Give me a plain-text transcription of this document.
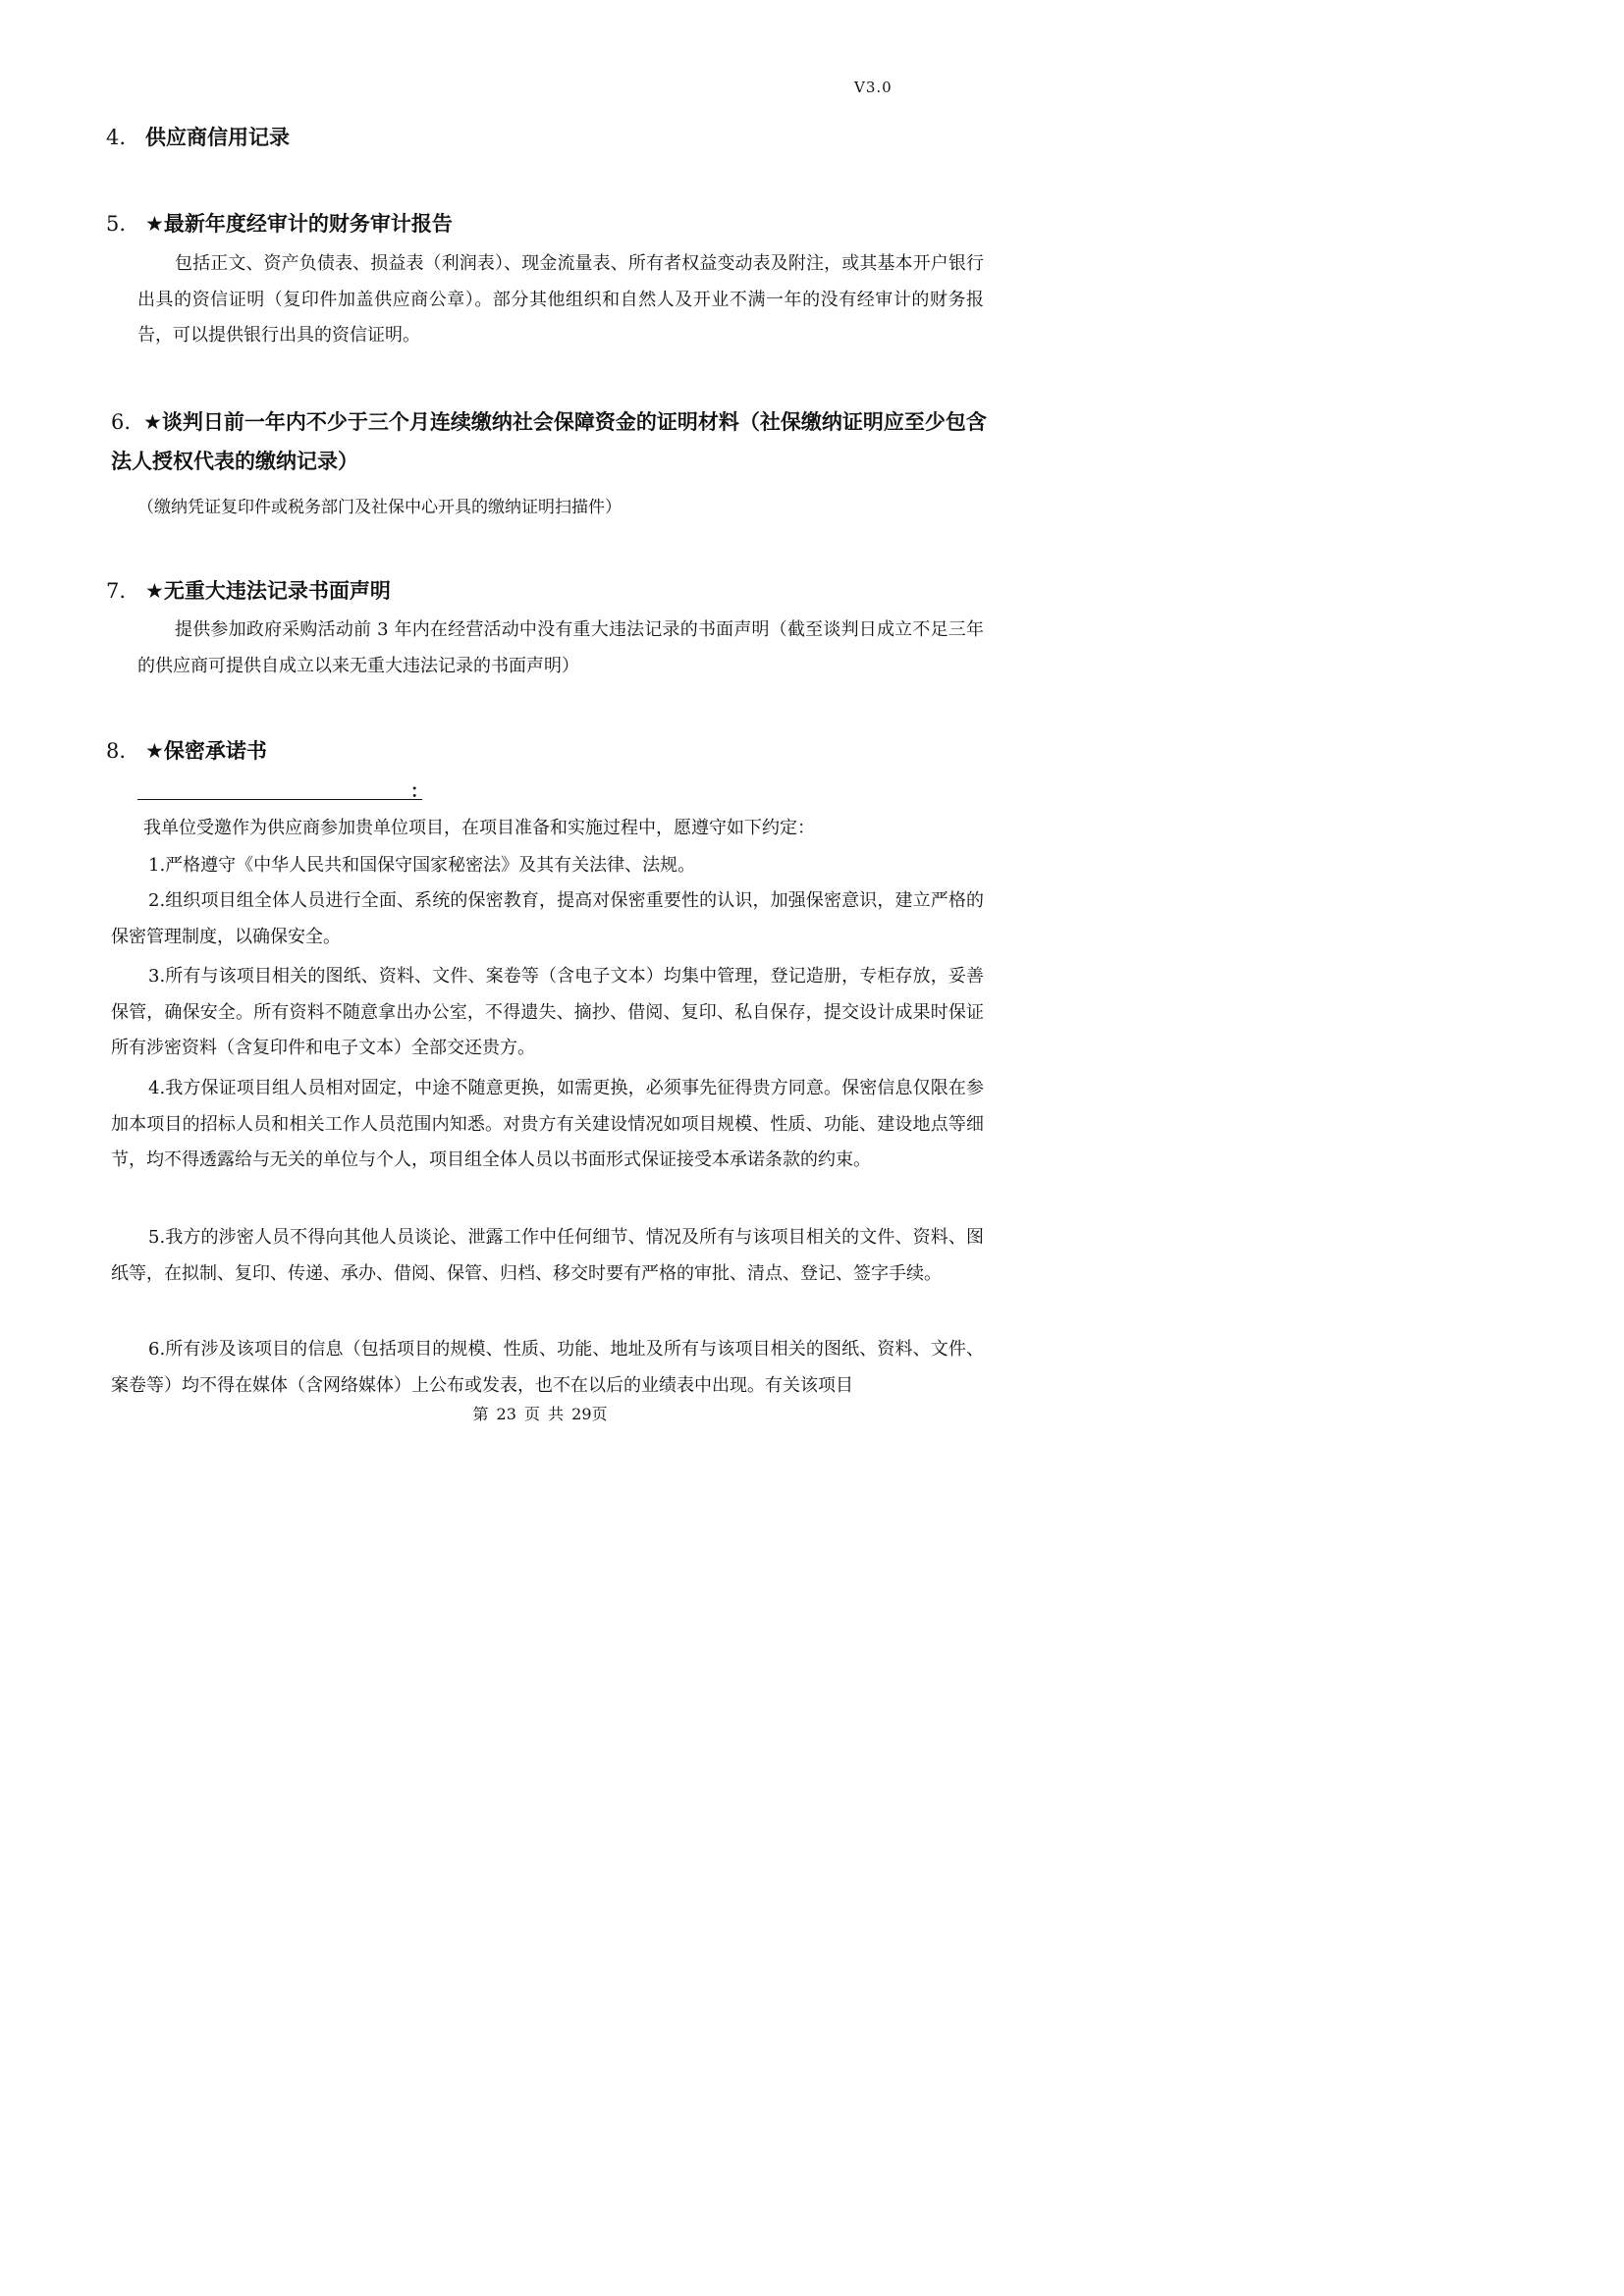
V3.0
4. 供应商信用记录
5. ★最新年度经审计的财务审计报告
包括正文、资产负债表、损益表（利润表）、现金流量表、所有者权益变动表及附注，或其基本开户银行出具的资信证明（复印件加盖供应商公章）。部分其他组织和自然人及开业不满一年的没有经审计的财务报告，可以提供银行出具的资信证明。
6. ★谈判日前一年内不少于三个月连续缴纳社会保障资金的证明材料（社保缴纳证明应至少包含法人授权代表的缴纳记录）
（缴纳凭证复印件或税务部门及社保中心开具的缴纳证明扫描件）
7. ★无重大违法记录书面声明
提供参加政府采购活动前 3 年内在经营活动中没有重大违法记录的书面声明（截至谈判日成立不足三年的供应商可提供自成立以来无重大违法记录的书面声明）
8. ★保密承诺书
：
我单位受邀作为供应商参加贵单位项目，在项目准备和实施过程中，愿遵守如下约定：
1.严格遵守《中华人民共和国保守国家秘密法》及其有关法律、法规。
2.组织项目组全体人员进行全面、系统的保密教育，提高对保密重要性的认识，加强保密意识，建立严格的保密管理制度，以确保安全。
3.所有与该项目相关的图纸、资料、文件、案卷等（含电子文本）均集中管理，登记造册，专柜存放，妥善保管，确保安全。所有资料不随意拿出办公室，不得遗失、摘抄、借阅、复印、私自保存，提交设计成果时保证所有涉密资料（含复印件和电子文本）全部交还贵方。
4.我方保证项目组人员相对固定，中途不随意更换，如需更换，必须事先征得贵方同意。保密信息仅限在参加本项目的招标人员和相关工作人员范围内知悉。对贵方有关建设情况如项目规模、性质、功能、建设地点等细节，均不得透露给与无关的单位与个人，项目组全体人员以书面形式保证接受本承诺条款的约束。
5.我方的涉密人员不得向其他人员谈论、泄露工作中任何细节、情况及所有与该项目相关的文件、资料、图纸等，在拟制、复印、传递、承办、借阅、保管、归档、移交时要有严格的审批、清点、登记、签字手续。
6.所有涉及该项目的信息（包括项目的规模、性质、功能、地址及所有与该项目相关的图纸、资料、文件、案卷等）均不得在媒体（含网络媒体）上公布或发表，也不在以后的业绩表中出现。有关该项目
第 23 页 共 29页
